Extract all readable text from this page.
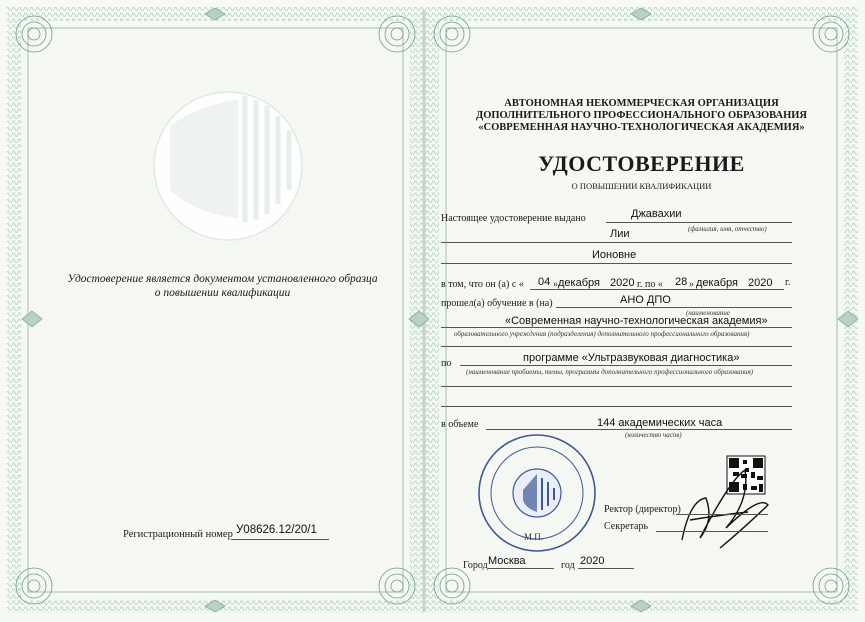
Удостоверение является документом установленного образца
о повышении квалификации
Регистрационный номер У08626.12/20/1
АВТОНОМНАЯ НЕКОММЕРЧЕСКАЯ ОРГАНИЗАЦИЯ
ДОПОЛНИТЕЛЬНОГО ПРОФЕССИОНАЛЬНОГО ОБРАЗОВАНИЯ
«СОВРЕМЕННАЯ НАУЧНО-ТЕХНОЛОГИЧЕСКАЯ АКАДЕМИЯ»
УДОСТОВЕРЕНИЕ
О ПОВЫШЕНИИ КВАЛИФИКАЦИИ
Настоящее удостоверение выдано	Джавахии
(фамилия, имя, отчество)
Лии
Ионовне
в том, что он (а) с « 04 » декабря 2020 г. по « 28 » декабря 2020 г.
прошел(а) обучение в (на)	АНО ДПО
(наименование
«Современная научно-технологическая академия»
образовательного учреждения (подразделения) дополнительного профессионального образования)
по	программе «Ультразвуковая диагностика»
(наименование пробаемы, темы, программы дополнительного профессионального образования)
в объеме	144 академических часа
(количество часов)
М.П.
Ректор (директор)
Секретарь
Город Москва	год 2020
